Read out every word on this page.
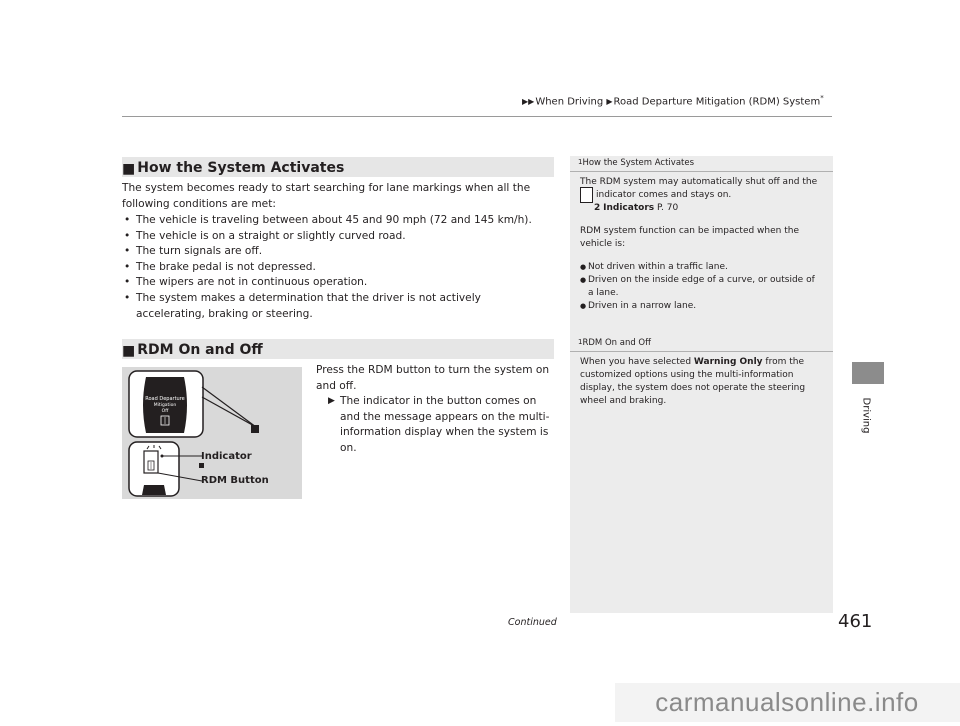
▶▶When Driving ▶Road Departure Mitigation (RDM) System*
Driving
■ How the System Activates
The system becomes ready to start searching for lane markings when all the following conditions are met:
• The vehicle is traveling between about 45 and 90 mph (72 and 145 km/h).
• The vehicle is on a straight or slightly curved road.
• The turn signals are off.
• The brake pedal is not depressed.
• The wipers are not in continuous operation.
• The system makes a determination that the driver is not actively accelerating, braking or steering.
■ RDM On and Off
Road Departure
Mitigation
Off
Indicator
RDM Button
Press the RDM button to turn the system on and off.
▶ The indicator in the button comes on and the message appears on the multi-information display when the system is on.
1How the System Activates
The RDM system may automatically shut off and the
indicator comes and stays on.
2 Indicators P. 70

RDM system function can be impacted when the vehicle is:

● Not driven within a traffic lane.
● Driven on the inside edge of a curve, or outside of a lane.
● Driven in a narrow lane.
1RDM On and Off
When you have selected Warning Only from the customized options using the multi-information display, the system does not operate the steering wheel and braking.
Continued	461
carmanualsonline.info
